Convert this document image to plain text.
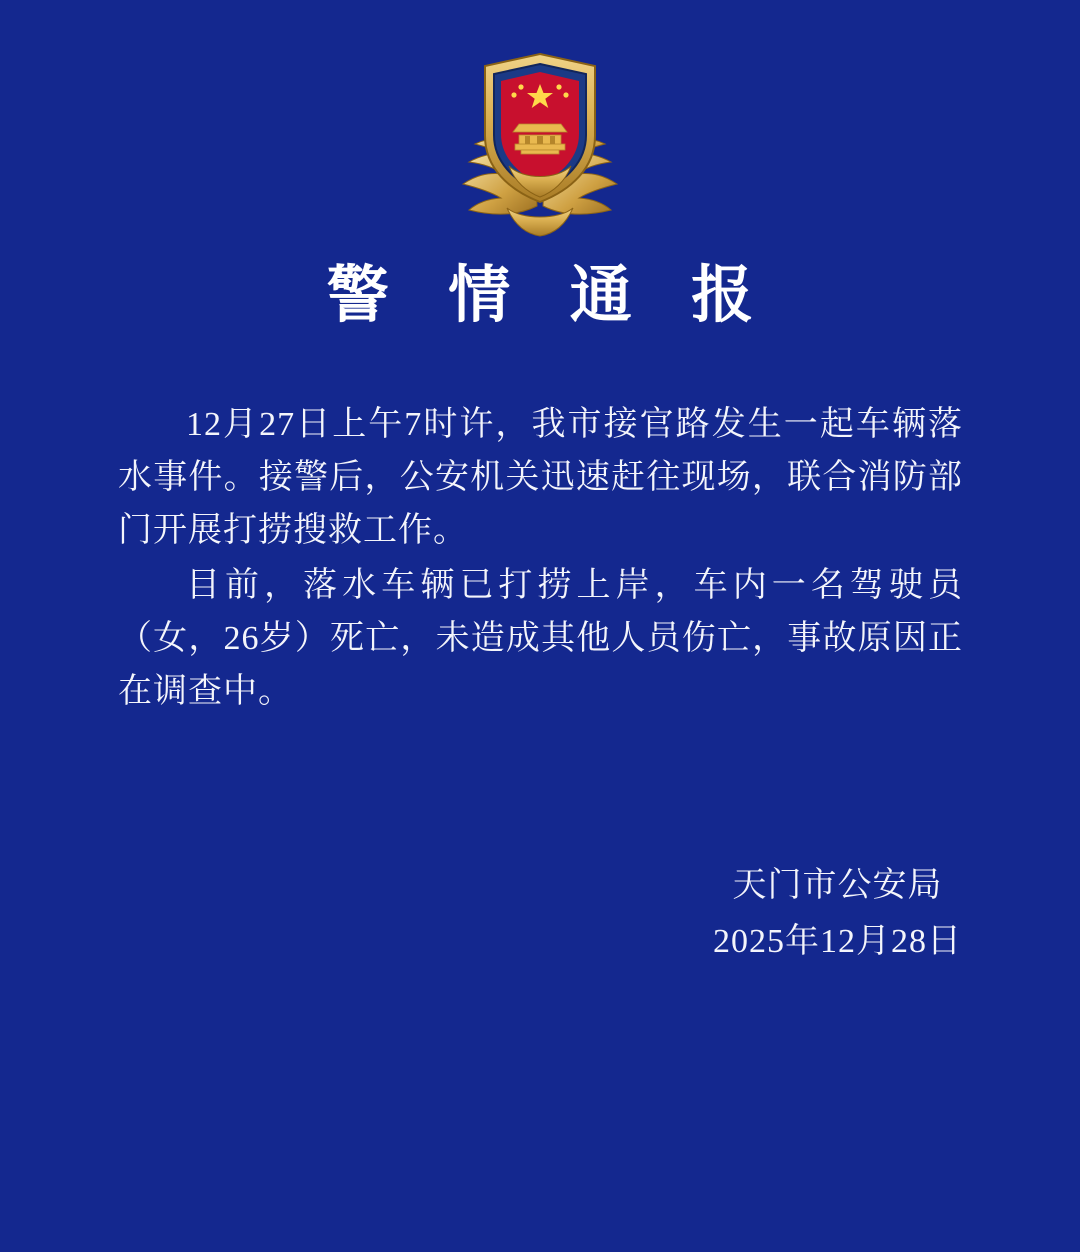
警 情 通 报

12月27日上午7时许，我市接官路发生一起车辆落水事件。接警后，公安机关迅速赶往现场，联合消防部门开展打捞搜救工作。

目前，落水车辆已打捞上岸，车内一名驾驶员（女，26岁）死亡，未造成其他人员伤亡，事故原因正在调查中。

天门市公安局
2025年12月28日
